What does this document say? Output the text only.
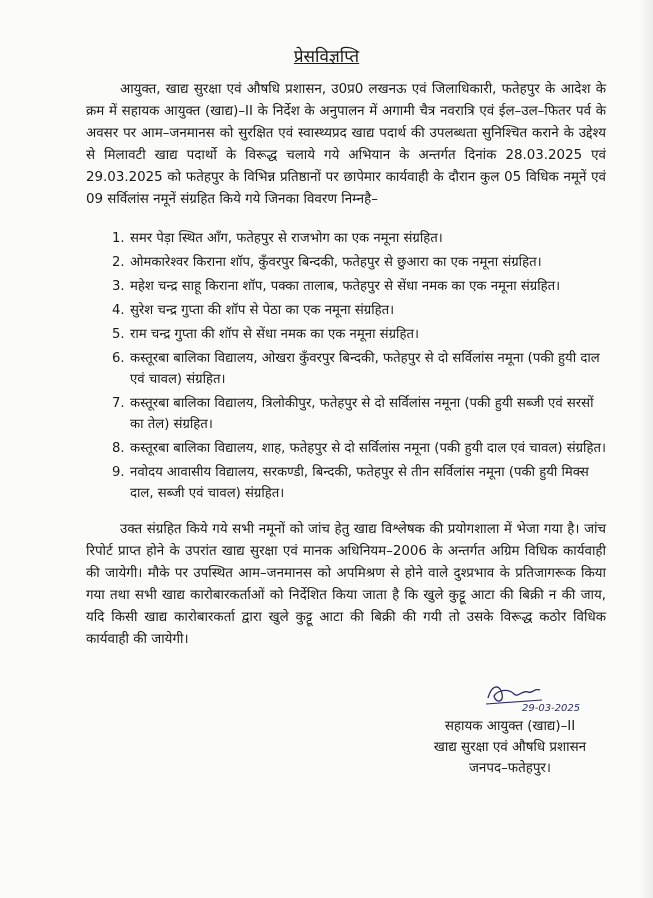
प्रेसविज्ञप्ति

आयुक्त, खाद्य सुरक्षा एवं औषधि प्रशासन, उ0प्र0 लखनऊ एवं जिलाधिकारी, फतेहपुर के आदेश के क्रम में सहायक आयुक्त (खाद्य)–II के निर्देश के अनुपालन में अगामी चैत्र नवरात्रि एवं ईल–उल–फितर पर्व के अवसर पर आम–जनमानस को सुरक्षित एवं स्वास्थ्यप्रद खाद्य पदार्थ की उपलब्धता सुनिश्चित कराने के उद्देश्य से मिलावटी खाद्य पदार्थो के विरूद्ध चलाये गये अभियान के अन्तर्गत दिनांक 28.03.2025 एवं 29.03.2025 को फतेहपुर के विभिन्न प्रतिष्ठानों पर छापेमार कार्यवाही के दौरान कुल 05 विधिक नमूनें एवं 09 सर्विलांस नमूनें संग्रहित किये गये जिनका विवरण निम्नहै–

1. समर पेड़ा स्थित आँग, फतेहपुर से राजभोग का एक नमूना संग्रहित।
2. ओमकारेश्वर किराना शॉप, कुँवरपुर बिन्दकी, फतेहपुर से छुआरा का एक नमूना संग्रहित।
3. महेश चन्द्र साहू किराना शॉप, पक्का तालाब, फतेहपुर से सेंधा नमक का एक नमूना संग्रहित।
4. सुरेश चन्द्र गुप्ता की शॉप से पेठा का एक नमूना संग्रहित।
5. राम चन्द्र गुप्ता की शॉप से सेंधा नमक का एक नमूना संग्रहित।
6. कस्तूरबा बालिका विद्यालय, ओखरा कुँवरपुर बिन्दकी, फतेहपुर से दो सर्विलांस नमूना (पकी हुयी दाल एवं चावल) संग्रहित।
7. कस्तूरबा बालिका विद्यालय, त्रिलोकीपुर, फतेहपुर से दो सर्विलांस नमूना (पकी हुयी सब्जी एवं सरसों का तेल) संग्रहित।
8. कस्तूरबा बालिका विद्यालय, शाह, फतेहपुर से दो सर्विलांस नमूना (पकी हुयी दाल एवं चावल) संग्रहित।
9. नवोदय आवासीय विद्यालय, सरकण्डी, बिन्दकी, फतेहपुर से तीन सर्विलांस नमूना (पकी हुयी मिक्स दाल, सब्जी एवं चावल) संग्रहित।

उक्त संग्रहित किये गये सभी नमूनों को जांच हेतु खाद्य विश्लेषक की प्रयोगशाला में भेजा गया है। जांच रिपोर्ट प्राप्त होने के उपरांत खाद्य सुरक्षा एवं मानक अधिनियम–2006 के अन्तर्गत अग्रिम विधिक कार्यवाही की जायेगी। मौके पर उपस्थित आम–जनमानस को अपमिश्रण से होने वाले दुश्प्रभाव के प्रतिजागरूक किया गया तथा सभी खाद्य कारोबारकर्ताओं को निर्देशित किया जाता है कि खुले कुट्टू आटा की बिक्री न की जाय, यदि किसी खाद्य कारोबारकर्ता द्वारा खुले कुट्टू आटा की बिक्री की गयी तो उसके विरूद्ध कठोर विधिक कार्यवाही की जायेगी।

29-03-2025
सहायक आयुक्त (खाद्य)–II
खाद्य सुरक्षा एवं औषधि प्रशासन
जनपद–फतेहपुर।
